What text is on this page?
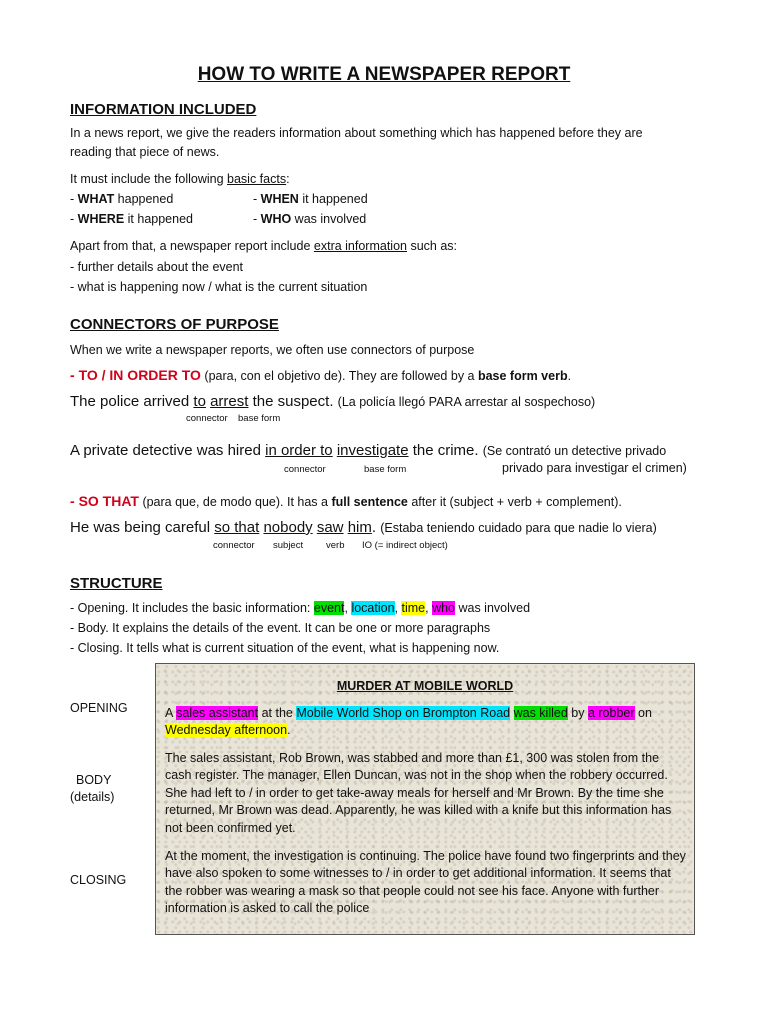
HOW TO WRITE A NEWSPAPER REPORT
INFORMATION INCLUDED
In a news report, we give the readers information about something which has happened before they are
reading that piece of news.
It must include the following basic facts:
- WHAT happened	- WHEN it happened
- WHERE it happened	- WHO was involved
Apart from that, a newspaper report include extra information such as:
- further details about the event
- what is happening now / what is the current situation
CONNECTORS OF PURPOSE
When we write a newspaper reports, we often use connectors of purpose
- TO / IN ORDER TO (para, con el objetivo de). They are followed by a base form verb.
The police arrived to arrest the suspect. (La policía llegó PARA arrestar al sospechoso)
connector base form
A private detective was hired in order to investigate the crime. (Se contrató un detective privado
connector	base form	privado para investigar el crimen)
- SO THAT (para que, de modo que). It has a full sentence after it (subject + verb + complement).
He was being careful so that nobody saw him. (Estaba teniendo cuidado para que nadie lo viera)
connector subject verb IO (= indirect object)
STRUCTURE
- Opening. It includes the basic information: event, location, time, who was involved
- Body. It explains the details of the event. It can be one or more paragraphs
- Closing. It tells what is current situation of the event, what is happening now.
OPENING
BODY
(details)
CLOSING
MURDER AT MOBILE WORLD
A sales assistant at the Mobile World Shop on Brompton Road was killed by a robber on Wednesday afternoon.
The sales assistant, Rob Brown, was stabbed and more than £1, 300 was stolen from the cash register. The manager, Ellen Duncan, was not in the shop when the robbery occurred. She had left to / in order to get take-away meals for herself and Mr Brown. By the time she returned, Mr Brown was dead. Apparently, he was killed with a knife but this information has not been confirmed yet.
At the moment, the investigation is continuing. The police have found two fingerprints and they have also spoken to some witnesses to / in order to get additional information. It seems that the robber was wearing a mask so that people could not see his face. Anyone with further information is asked to call the police
